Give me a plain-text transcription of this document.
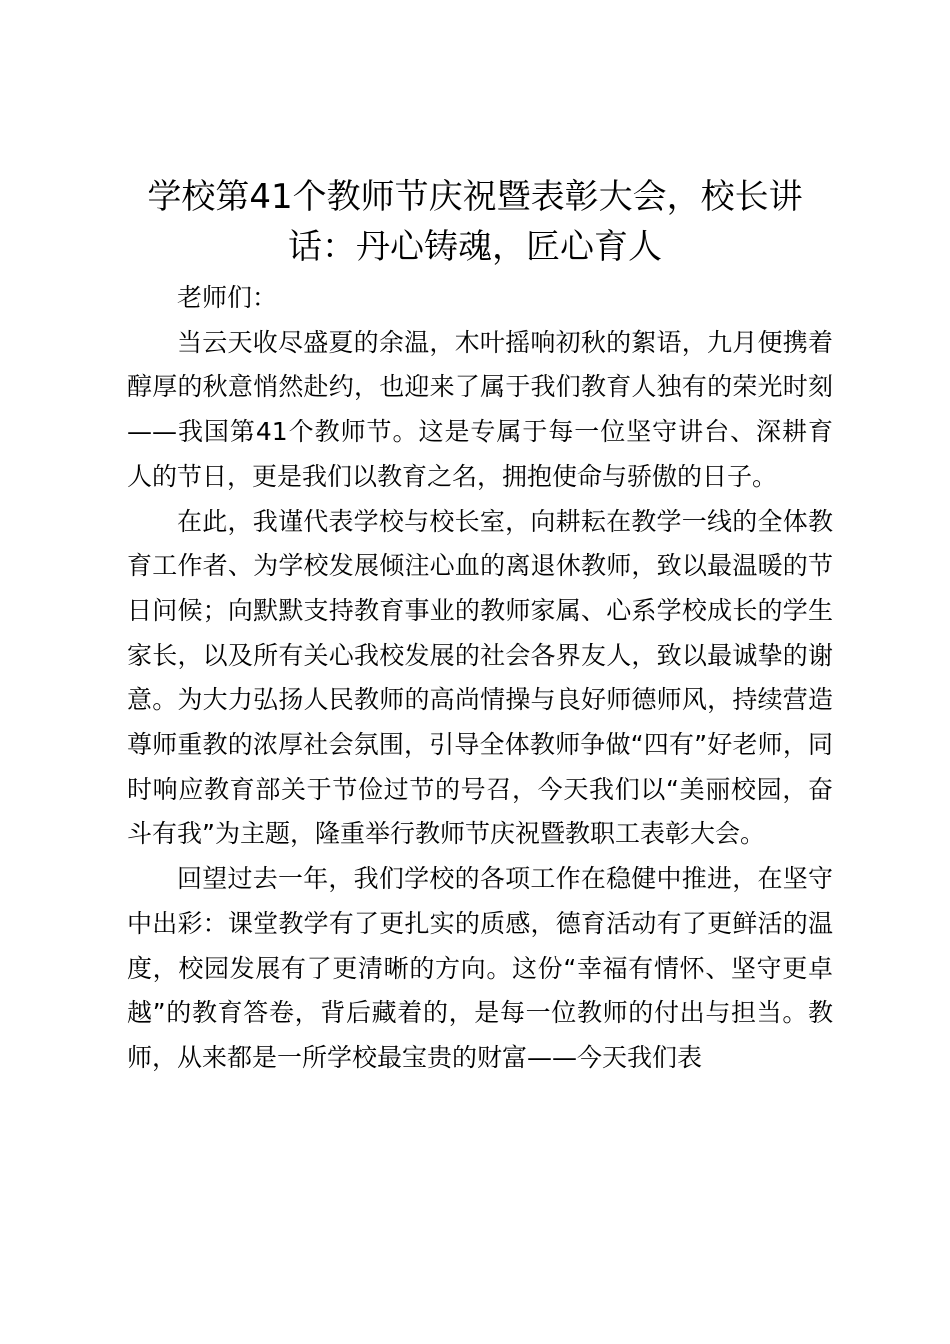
学校第41个教师节庆祝暨表彰大会，校长讲
话：丹心铸魂，匠心育人

老师们：

当云天收尽盛夏的余温，木叶摇响初秋的絮语，九月便携着醇厚的秋意悄然赴约，也迎来了属于我们教育人独有的荣光时刻——我国第41个教师节。这是专属于每一位坚守讲台、深耕育人的节日，更是我们以教育之名，拥抱使命与骄傲的日子。

在此，我谨代表学校与校长室，向耕耘在教学一线的全体教育工作者、为学校发展倾注心血的离退休教师，致以最温暖的节日问候；向默默支持教育事业的教师家属、心系学校成长的学生家长，以及所有关心我校发展的社会各界友人，致以最诚挚的谢意。为大力弘扬人民教师的高尚情操与良好师德师风，持续营造尊师重教的浓厚社会氛围，引导全体教师争做“四有”好老师，同时响应教育部关于节俭过节的号召，今天我们以“美丽校园，奋斗有我”为主题，隆重举行教师节庆祝暨教职工表彰大会。

回望过去一年，我们学校的各项工作在稳健中推进，在坚守中出彩：课堂教学有了更扎实的质感，德育活动有了更鲜活的温度，校园发展有了更清晰的方向。这份“幸福有情怀、坚守更卓越”的教育答卷，背后藏着的，是每一位教师的付出与担当。教师，从来都是一所学校最宝贵的财富——今天我们表
